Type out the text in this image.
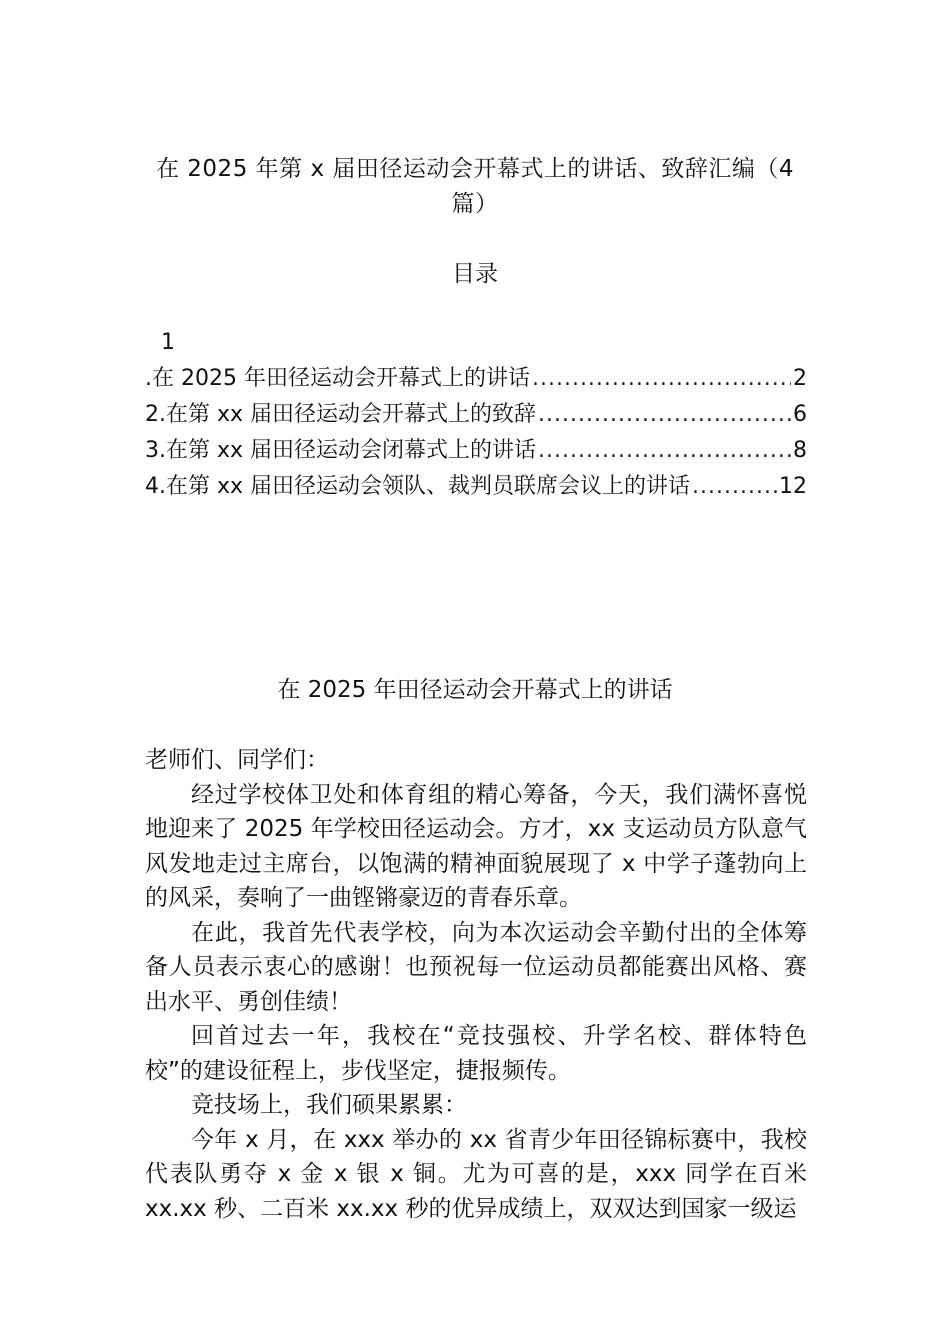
在 2025 年第 x 届田径运动会开幕式上的讲话、致辞汇编（4 篇）
目录
1
.在 2025 年田径运动会开幕式上的讲话 .....	2
2.在第 xx 届田径运动会开幕式上的致辞 .....	6
3.在第 xx 届田径运动会闭幕式上的讲话 .....	8
4.在第 xx 届田径运动会领队、裁判员联席会议上的讲话 .....	12
在 2025 年田径运动会开幕式上的讲话

老师们、同学们：

经过学校体卫处和体育组的精心筹备，今天，我们满怀喜悦地迎来了 2025 年学校田径运动会。方才，xx 支运动员方队意气风发地走过主席台，以饱满的精神面貌展现了 x 中学子蓬勃向上的风采，奏响了一曲铿锵豪迈的青春乐章。

在此，我首先代表学校，向为本次运动会辛勤付出的全体筹备人员表示衷心的感谢！也预祝每一位运动员都能赛出风格、赛出水平、勇创佳绩！

回首过去一年，我校在“竞技强校、升学名校、群体特色校”的建设征程上，步伐坚定，捷报频传。

竞技场上，我们硕果累累：

今年 x 月，在 xxx 举办的 xx 省青少年田径锦标赛中，我校代表队勇夺 x 金 x 银 x 铜。尤为可喜的是，xxx 同学在百米 xx.xx 秒、二百米 xx.xx 秒的优异成绩上，双双达到国家一级运
